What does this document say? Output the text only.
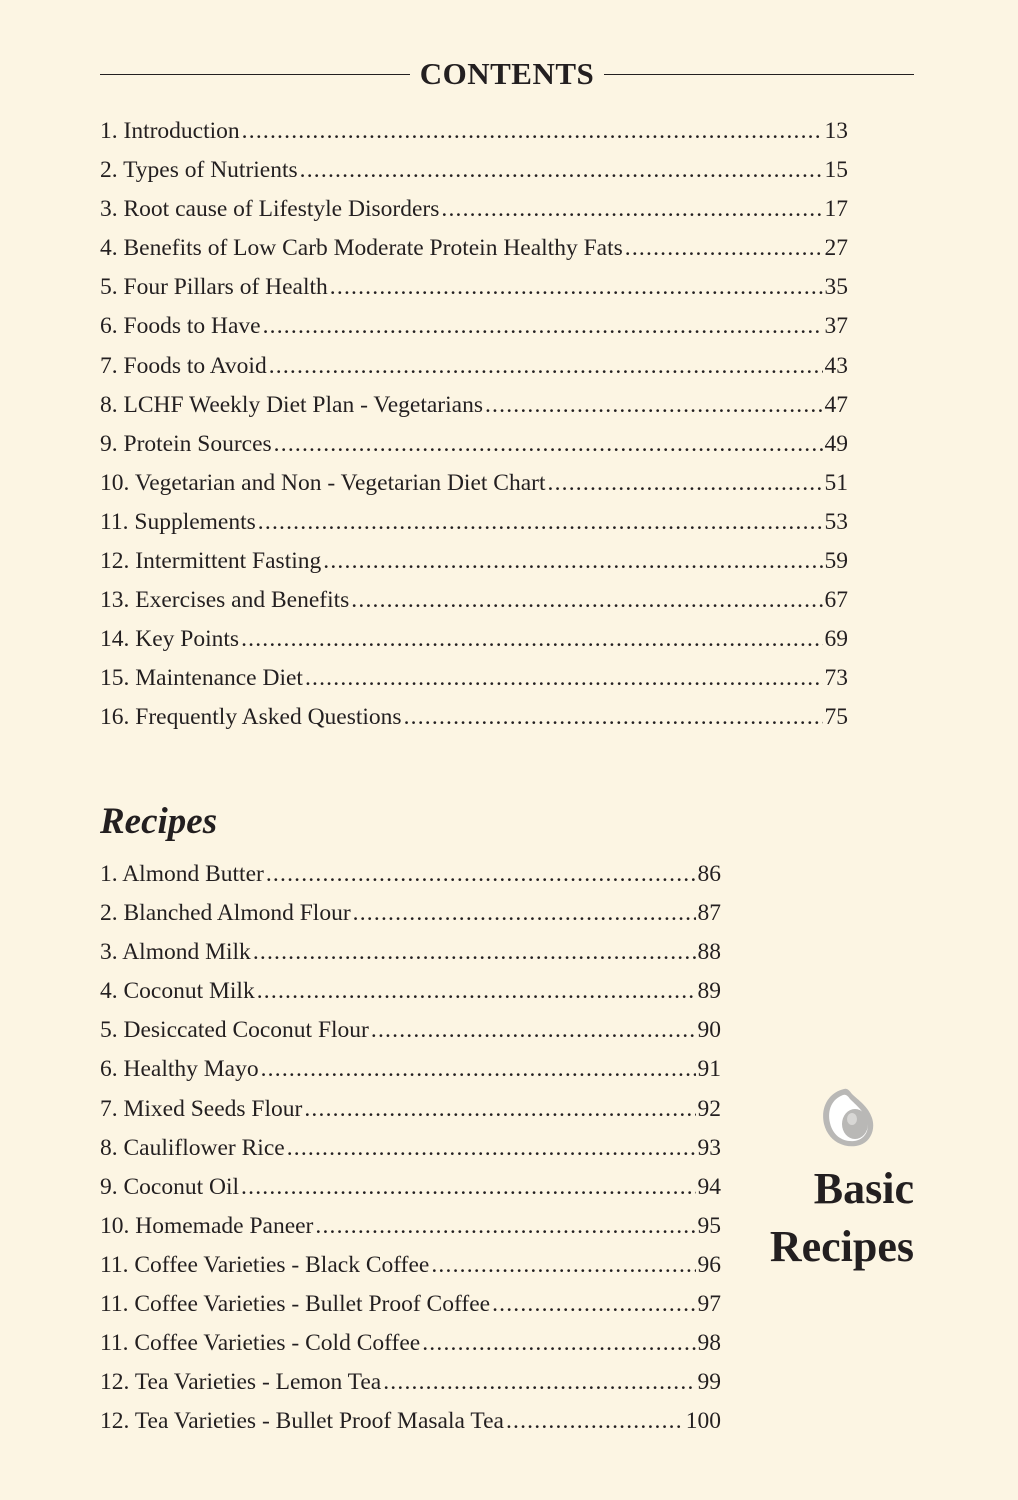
CONTENTS
1. Introduction .....	13
2. Types of Nutrients .....	15
3. Root cause of Lifestyle Disorders .....	17
4. Benefits of Low Carb Moderate Protein Healthy Fats .....	27
5. Four Pillars of Health .....	35
6. Foods to Have .....	37
7. Foods to Avoid .....	43
8. LCHF Weekly Diet Plan - Vegetarians .....	47
9. Protein Sources .....	49
10. Vegetarian and Non - Vegetarian Diet Chart .....	51
11. Supplements .....	53
12. Intermittent Fasting .....	59
13. Exercises and Benefits .....	67
14. Key Points .....	69
15. Maintenance Diet .....	73
16. Frequently Asked Questions .....	75
Recipes
1. Almond Butter .....	86
2. Blanched Almond Flour .....	87
3. Almond Milk .....	88
4. Coconut Milk .....	89
5. Desiccated Coconut Flour .....	90
6. Healthy Mayo .....	91
7. Mixed Seeds Flour .....	92
8. Cauliflower Rice .....	93
9. Coconut Oil .....	94
10. Homemade Paneer .....	95
11. Coffee Varieties - Black Coffee .....	96
11. Coffee Varieties - Bullet Proof Coffee .....	97
11. Coffee Varieties - Cold Coffee .....	98
12. Tea Varieties - Lemon Tea .....	99
12. Tea Varieties - Bullet Proof Masala Tea .....	100
Basic
Recipes
